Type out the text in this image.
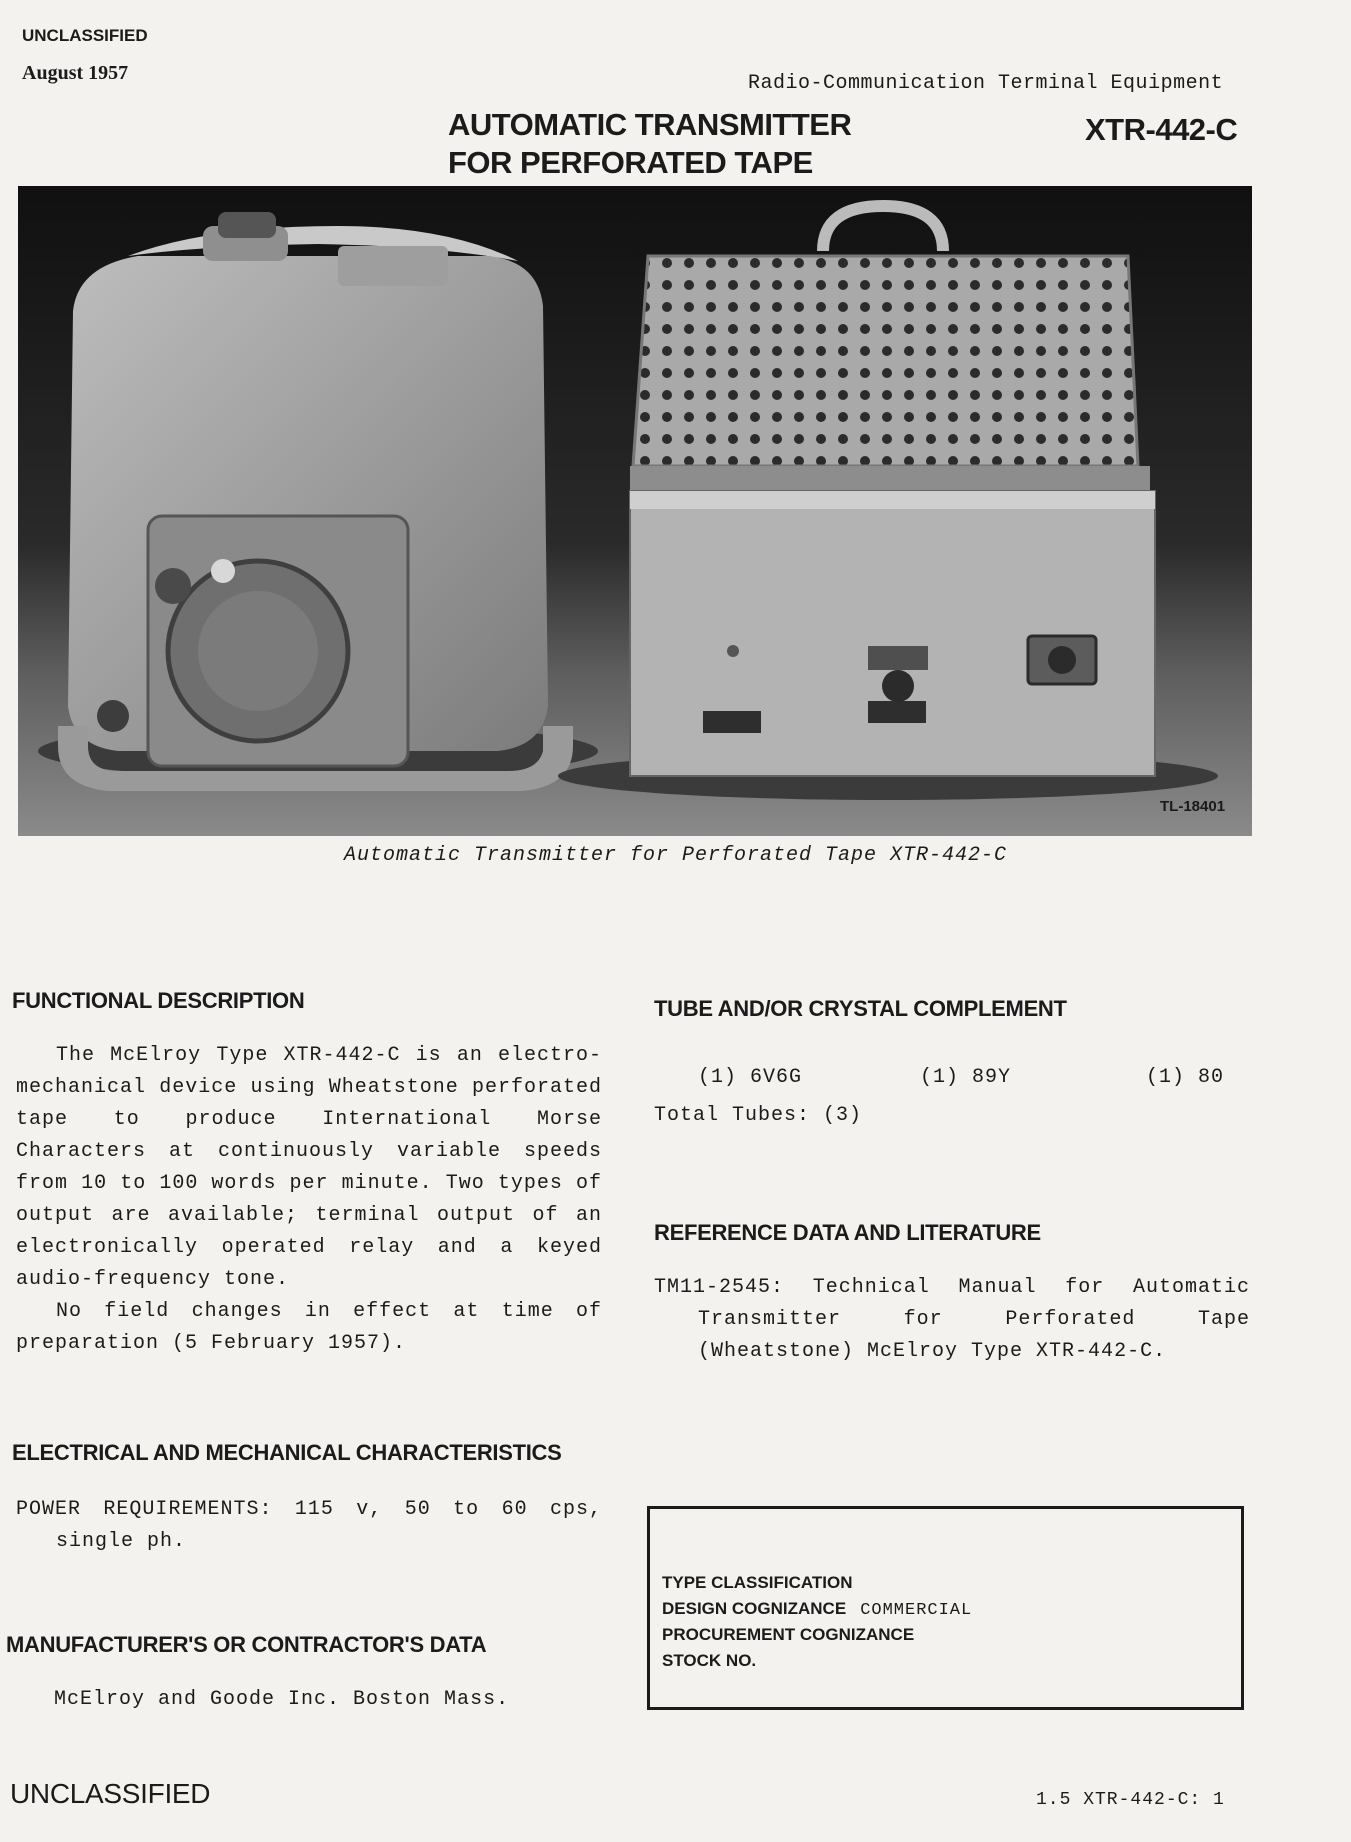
UNCLASSIFIED
August 1957	Radio-Communication Terminal Equipment
AUTOMATIC TRANSMITTER
FOR PERFORATED TAPE
XTR-442-C
TL-18401
Automatic Transmitter for Perforated Tape XTR-442-C
FUNCTIONAL DESCRIPTION

The McElroy Type XTR-442-C is an electro-mechanical device using Wheatstone perforated tape to produce International Morse Characters at continuously variable speeds from 10 to 100 words per minute. Two types of output are available; terminal output of an electronically operated relay and a keyed audio-frequency tone.

No field changes in effect at time of preparation (5 February 1957).

ELECTRICAL AND MECHANICAL CHARACTERISTICS

POWER REQUIREMENTS: 115 v, 50 to 60 cps, single ph.

MANUFACTURER'S OR CONTRACTOR'S DATA
McElroy and Goode Inc. Boston Mass.
TUBE AND/OR CRYSTAL COMPLEMENT
(1) 6V6G	(1) 89Y	(1) 80
Total Tubes: (3)
REFERENCE DATA AND LITERATURE

TM11-2545: Technical Manual for Automatic Transmitter for Perforated Tape (Wheatstone) McElroy Type XTR-442-C.

TYPE CLASSIFICATION
DESIGN COGNIZANCE COMMERCIAL
PROCUREMENT COGNIZANCE
STOCK NO.
UNCLASSIFIED	1.5 XTR-442-C: 1
